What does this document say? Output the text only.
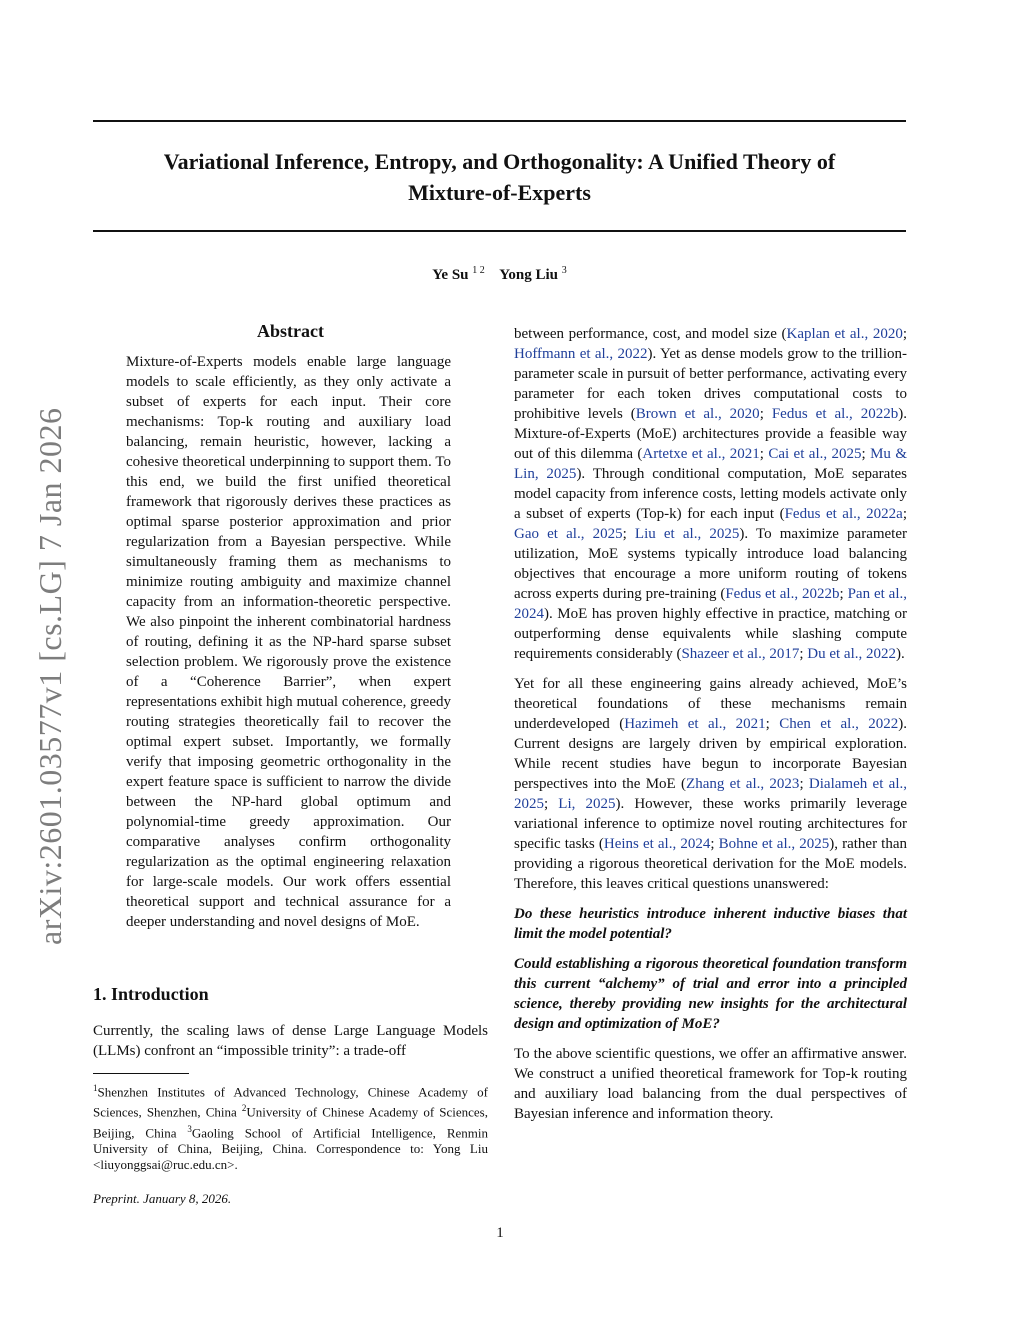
Variational Inference, Entropy, and Orthogonality: A Unified Theory of
Mixture-of-Experts
Ye Su $^{1 2}$ Yong Liu $^3$
arXiv:2601.03577v1 [cs.LG] 7 Jan 2026
Abstract

Mixture-of-Experts models enable large language models to scale efficiently, as they only activate a subset of experts for each input. Their core mechanisms: Top-k routing and auxiliary load balancing, remain heuristic, however, lacking a cohesive theoretical underpinning to support them. To this end, we build the first unified theoretical framework that rigorously derives these practices as optimal sparse posterior approximation and prior regularization from a Bayesian perspective. While simultaneously framing them as mechanisms to minimize routing ambiguity and maximize channel capacity from an information-theoretic perspective. We also pinpoint the inherent combinatorial hardness of routing, defining it as the NP-hard sparse subset selection problem. We rigorously prove the existence of a “Coherence Barrier”, when expert representations exhibit high mutual coherence, greedy routing strategies theoretically fail to recover the optimal expert subset. Importantly, we formally verify that imposing geometric orthogonality in the expert feature space is sufficient to narrow the divide between the NP-hard global optimum and polynomial-time greedy approximation. Our comparative analyses confirm orthogonality regularization as the optimal engineering relaxation for large-scale models. Our work offers essential theoretical support and technical assurance for a deeper understanding and novel designs of MoE.

1. Introduction

Currently, the scaling laws of dense Large Language Models (LLMs) confront an “impossible trinity”: a trade-off

$^1$Shenzhen Institutes of Advanced Technology, Chinese Academy of Sciences, Shenzhen, China $^2$University of Chinese Academy of Sciences, Beijing, China $^3$Gaoling School of Artificial Intelligence, Renmin University of China, Beijing, China. Correspondence to: Yong Liu <liuyonggsai@ruc.edu.cn>.

Preprint. January 8, 2026.

between performance, cost, and model size (Kaplan et al., 2020; Hoffmann et al., 2022). Yet as dense models grow to the trillion-parameter scale in pursuit of better performance, activating every parameter for each token drives computational costs to prohibitive levels (Brown et al., 2020; Fedus et al., 2022b). Mixture-of-Experts (MoE) architectures provide a feasible way out of this dilemma (Artetxe et al., 2021; Cai et al., 2025; Mu & Lin, 2025). Through conditional computation, MoE separates model capacity from inference costs, letting models activate only a subset of experts (Top-k) for each input (Fedus et al., 2022a; Gao et al., 2025; Liu et al., 2025). To maximize parameter utilization, MoE systems typically introduce load balancing objectives that encourage a more uniform routing of tokens across experts during pre-training (Fedus et al., 2022b; Pan et al., 2024). MoE has proven highly effective in practice, matching or outperforming dense equivalents while slashing compute requirements considerably (Shazeer et al., 2017; Du et al., 2022).

Yet for all these engineering gains already achieved, MoE’s theoretical foundations of these mechanisms remain underdeveloped (Hazimeh et al., 2021; Chen et al., 2022). Current designs are largely driven by empirical exploration. While recent studies have begun to incorporate Bayesian perspectives into the MoE (Zhang et al., 2023; Dialameh et al., 2025; Li, 2025). However, these works primarily leverage variational inference to optimize novel routing architectures for specific tasks (Heins et al., 2024; Bohne et al., 2025), rather than providing a rigorous theoretical derivation for the MoE models. Therefore, this leaves critical questions unanswered:

Do these heuristics introduce inherent inductive biases that limit the model potential?

Could establishing a rigorous theoretical foundation transform this current “alchemy” of trial and error into a principled science, thereby providing new insights for the architectural design and optimization of MoE?

To the above scientific questions, we offer an affirmative answer. We construct a unified theoretical framework for Top-k routing and auxiliary load balancing from the dual perspectives of Bayesian inference and information theory.

1
